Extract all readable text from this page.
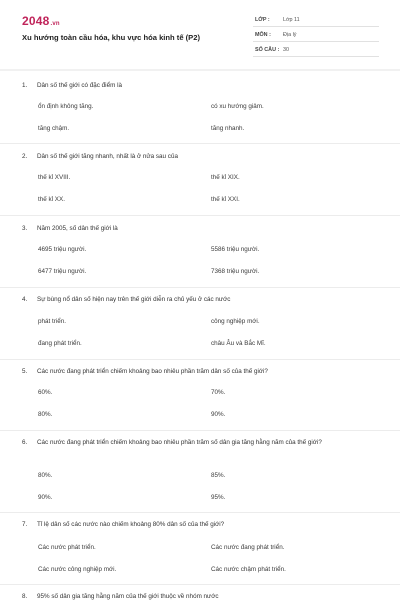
2048.vn
Xu hướng toàn cầu hóa, khu vực hóa kinh tế (P2)
LỚP : Lớp 11
MÔN : Địa lý
SỐ CÂU : 30
1. Dân số thế giới có đặc điểm là
ổn định không tăng.	có xu hướng giảm.
tăng chậm.	tăng nhanh.
2. Dân số thế giới tăng nhanh, nhất là ở nửa sau của
thế kỉ XVIII.	thế kỉ XIX.
thế kỉ XX.	thế kỉ XXI.
3. Năm 2005, số dân thế giới là
4695 triệu người.	5586 triệu người.
6477 triệu người.	7368 triệu người.
4. Sự bùng nổ dân số hiện nay trên thế giới diễn ra chủ yếu ở các nước
phát triển.	công nghiệp mới.
đang phát triển.	châu Âu và Bắc Mĩ.
5. Các nước đang phát triển chiếm khoảng bao nhiêu phần trăm dân số của thế giới?
60%.	70%.
80%.	90%.
6. Các nước đang phát triển chiếm khoảng bao nhiêu phần trăm số dân gia tăng hằng năm của thế giới?
80%.	85%.
90%.	95%.
7. Tỉ lệ dân số các nước nào chiếm khoảng 80% dân số của thế giới?
Các nước phát triển.	Các nước đang phát triển.
Các nước công nghiệp mới.	Các nước chậm phát triển.
8. 95% số dân gia tăng hằng năm của thế giới thuộc về nhóm nước
